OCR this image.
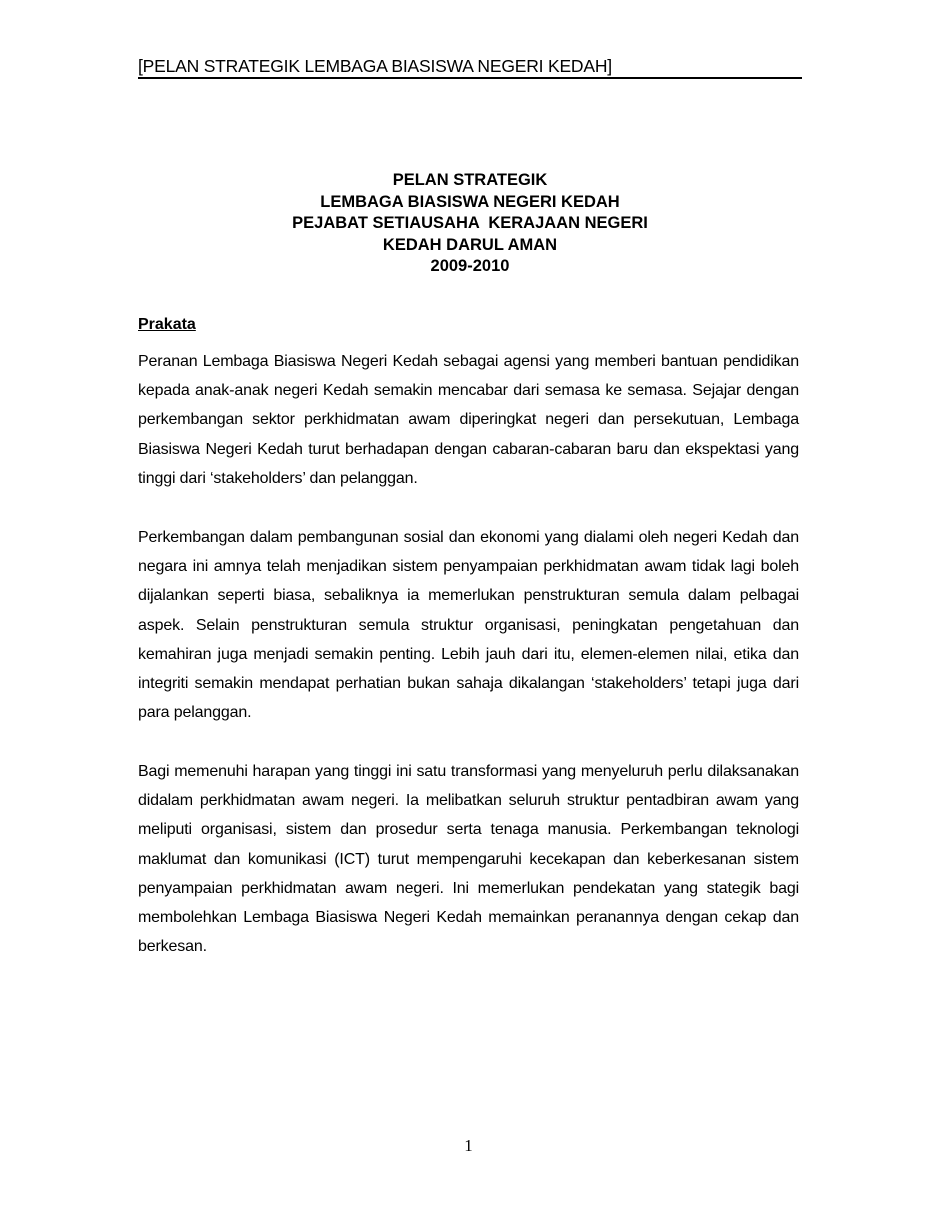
[PELAN STRATEGIK LEMBAGA BIASISWA NEGERI KEDAH]
PELAN STRATEGIK
LEMBAGA BIASISWA NEGERI KEDAH
PEJABAT SETIAUSAHA  KERAJAAN NEGERI
KEDAH DARUL AMAN
2009-2010
Prakata

Peranan Lembaga Biasiswa Negeri Kedah sebagai agensi yang memberi bantuan pendidikan kepada anak-anak negeri Kedah semakin mencabar dari semasa ke semasa. Sejajar dengan perkembangan sektor perkhidmatan awam diperingkat negeri dan persekutuan, Lembaga Biasiswa Negeri Kedah turut berhadapan dengan cabaran-cabaran baru dan ekspektasi yang tinggi dari ‘stakeholders’ dan pelanggan.

Perkembangan dalam pembangunan sosial dan ekonomi yang dialami oleh negeri Kedah dan negara ini amnya telah menjadikan sistem penyampaian perkhidmatan awam tidak lagi boleh dijalankan seperti biasa, sebaliknya ia memerlukan penstrukturan semula dalam pelbagai aspek. Selain penstrukturan semula struktur organisasi, peningkatan pengetahuan dan kemahiran juga menjadi semakin penting. Lebih jauh dari itu, elemen-elemen nilai, etika dan integriti semakin mendapat perhatian bukan sahaja dikalangan ‘stakeholders’ tetapi juga dari para pelanggan.

Bagi memenuhi harapan yang tinggi ini satu transformasi yang menyeluruh perlu dilaksanakan didalam perkhidmatan awam negeri. Ia melibatkan seluruh struktur pentadbiran awam yang meliputi organisasi, sistem dan prosedur serta tenaga manusia. Perkembangan teknologi maklumat dan komunikasi (ICT) turut mempengaruhi kecekapan dan keberkesanan sistem penyampaian perkhidmatan awam negeri. Ini memerlukan pendekatan yang stategik bagi membolehkan Lembaga Biasiswa Negeri Kedah memainkan peranannya dengan cekap dan berkesan.

1
